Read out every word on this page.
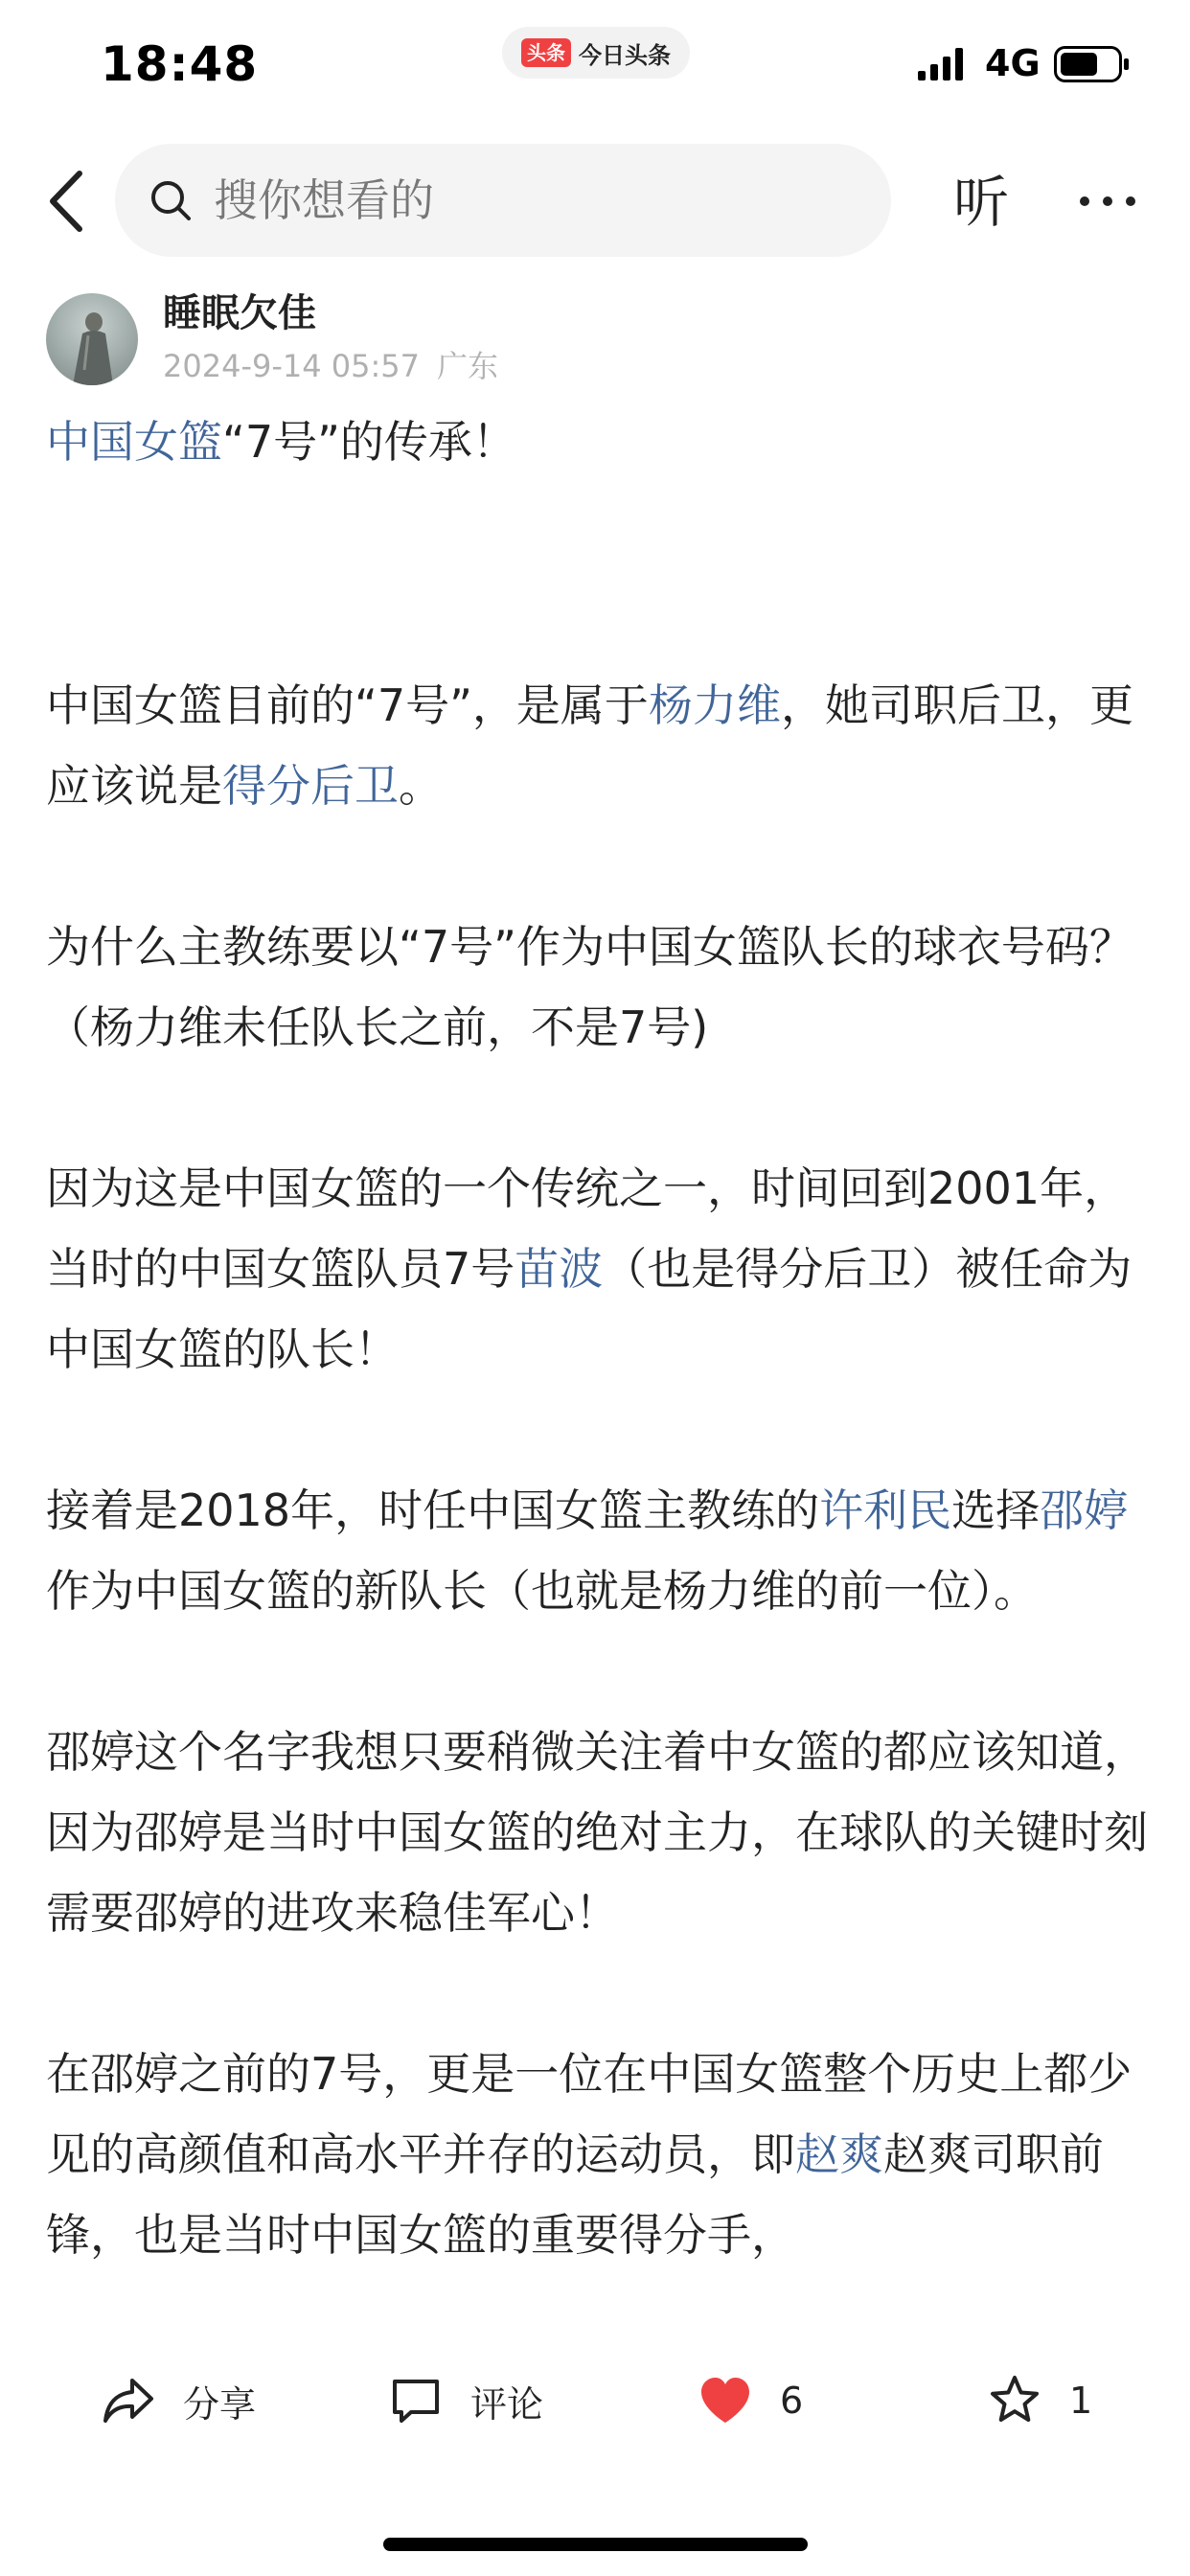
18:48	头条 今日头条	4G
搜你想看的	听
睡眠欠佳
2024-9-14 05:57 广东

中国女篮“7号”的传承！

中国女篮目前的“7号”，是属于杨力维，她司职后卫，更应该说是得分后卫。

为什么主教练要以“7号”作为中国女篮队长的球衣号码？（杨力维未任队长之前，不是7号)

因为这是中国女篮的一个传统之一，时间回到2001年，当时的中国女篮队员7号苗波（也是得分后卫）被任命为中国女篮的队长！

接着是2018年，时任中国女篮主教练的许利民选择邵婷作为中国女篮的新队长（也就是杨力维的前一位）。

邵婷这个名字我想只要稍微关注着中女篮的都应该知道，因为邵婷是当时中国女篮的绝对主力，在球队的关键时刻需要邵婷的进攻来稳佳军心！

在邵婷之前的7号，更是一位在中国女篮整个历史上都少见的高颜值和高水平并存的运动员，即赵爽赵爽司职前锋，也是当时中国女篮的重要得分手，

分享	评论	6	1
